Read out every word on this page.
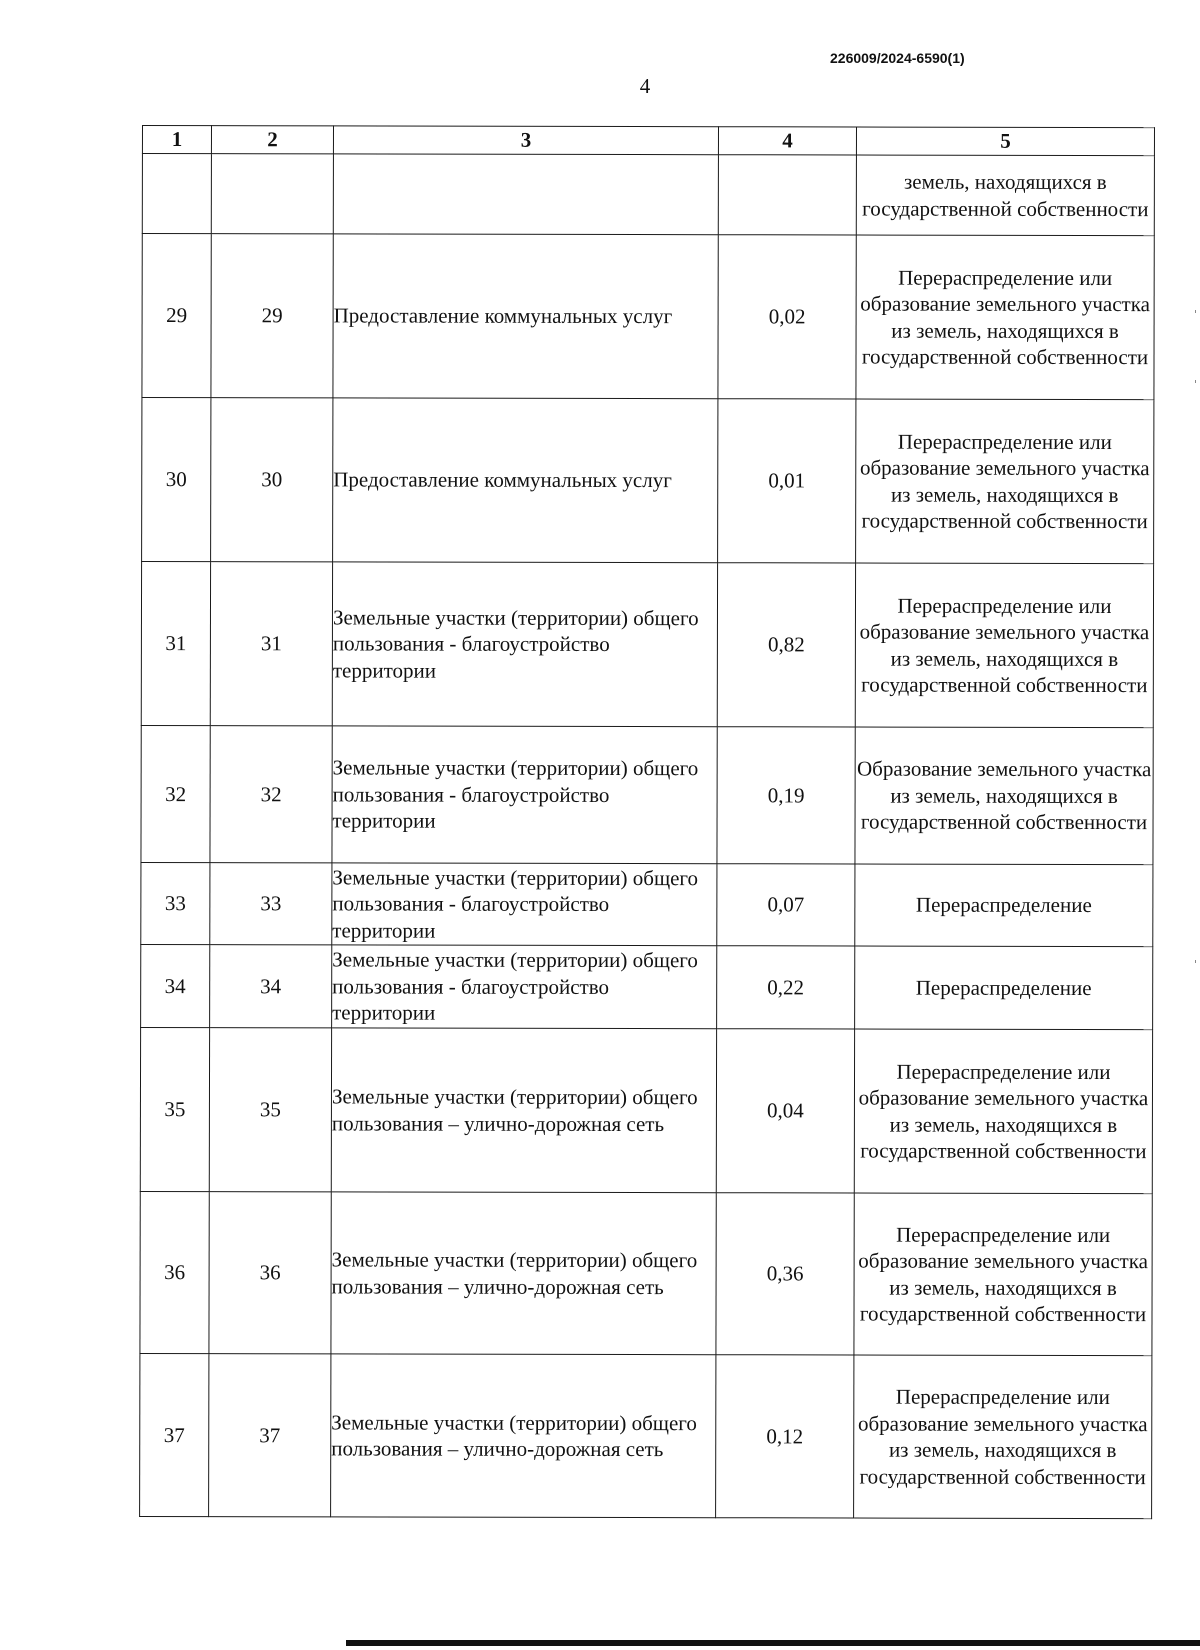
226009/2024-6590(1)
4
1	2	3	4	5
				земель, находящихся в государственной собственности
29	29	Предоставление коммунальных услуг	0,02	Перераспределение или образование земельного участка из земель, находящихся в государственной собственности
30	30	Предоставление коммунальных услуг	0,01	Перераспределение или образование земельного участка из земель, находящихся в государственной собственности
31	31	Земельные участки (территории) общего пользования - благоустройство территории	0,82	Перераспределение или образование земельного участка из земель, находящихся в государственной собственности
32	32	Земельные участки (территории) общего пользования - благоустройство территории	0,19	Образование земельного участка из земель, находящихся в государственной собственности
33	33	Земельные участки (территории) общего пользования - благоустройство территории	0,07	Перераспределение
34	34	Земельные участки (территории) общего пользования - благоустройство территории	0,22	Перераспределение
35	35	Земельные участки (территории) общего пользования – улично-дорожная сеть	0,04	Перераспределение или образование земельного участка из земель, находящихся в государственной собственности
36	36	Земельные участки (территории) общего пользования – улично-дорожная сеть	0,36	Перераспределение или образование земельного участка из земель, находящихся в государственной собственности
37	37	Земельные участки (территории) общего пользования – улично-дорожная сеть	0,12	Перераспределение или образование земельного участка из земель, находящихся в государственной собственности
